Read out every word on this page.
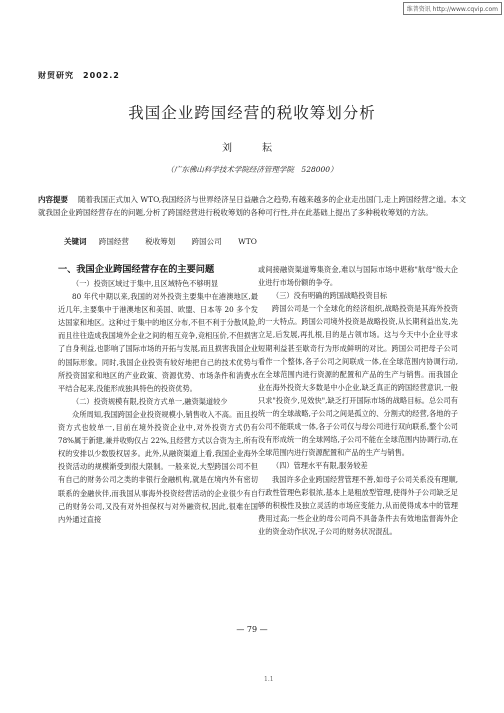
维普资讯 http://www.cqvip.com
财贸研究　2002.2
我国企业跨国经营的税收筹划分析
刘　耘
（广东佛山科学技术学院经济管理学院　528000）
内容提要 随着我国正式加入 WTO,我国经济与世界经济呈日益融合之趋势,有越来越多的企业走出国门,走上跨国经营之道。本文就我国企业跨国经营存在的问题,分析了跨国经营进行税收筹划的各种可行性,并在此基础上提出了多种税收筹划的方法。
关键词 跨国经营 税收筹划 跨国公司 WTO

一、我国企业跨国经营存在的主要问题

（一）投资区域过于集中,且区域特色不够明显

80 年代中期以来,我国的对外投资主要集中在港澳地区,最近几年,主要集中于港澳地区和美国、欧盟、日本等 20 多个发达国家和地区。这种过于集中的地区分布,不但不利于分散风险,而且往往造成我国境外企业之间的相互竞争,竞相压价,不但损害了自身利益,也影响了国际市场的开拓与发展,而且损害我国企业的国际形象。同时,我国企业投资有较好地把自己的技术优势与所投资国家和地区的产业政策、资源优势、市场条件和消费水平结合起来,没能形成独具特色的投资优势。

（二）投资规模有限,投资方式单一,融资渠道较少

众所周知,我国跨国企业投资规模小,销售收入不高。而且投资方式也较单一,目前在境外投资企业中,对外投资方式仍有 78%属于新建,兼并收购仅占 22%,且经营方式以合资为主,所有权的安排以少数股权居多。此外,从融资渠道上看,我国企业海外投资活动的规模渐受到很大限制。一般来说,大型跨国公司不但有自己的财务公司之类的非银行金融机构,就是在境内外有密切联系的金融伙伴,而我国从事海外投资经营活动的企业很少有自己的财务公司,又没有对外担保权与对外融资权,因此,很难在国内外通过直接

或间接融资渠道筹集资金,难以与国际市场中堪称"航母"级大企业进行市场份额的争夺。

（三）没有明确的跨国战略投资目标

跨国公司是一个全球化的经济组织,战略投资是其海外投资的一大特点。跨国公司境外投资是战略投资,从长期利益出发,先立足,后发展,再扎根,目的是占领市场。这与今天中小企业寻求短期利益甚至歇奇行为形成鲜明的对比。跨国公司把母子公司看作一个整体,各子公司之间联成一体,在全球范围内协调行动,在全球范围内进行资源的配置和产品的生产与销售。而我国企业在海外投资大多数是中小企业,缺乏真正的跨国经营意识,一般只求"投资少,见效快",缺乏打开国际市场的战略目标。总公司有统一的全球战略,子公司之间是孤立的、分割式的经营,各地的子公司不能联成一体,各子公司仅与母公司进行双向联系,整个公司没有形成统一的全球网络,子公司不能在全球范围内协调行动,在全球范围内进行资源配置和产品的生产与销售。

（四）管理水平有限,服务较差

我国许多企业跨国经营管理不善,如母子公司关系没有理顺,行政性管理色彩很浓,基本上是粗放型管理,使得外子公司缺乏足够的积极性及独立灵活的市场应变能力,从而使得成本中的管理费用过高;一些企业的母公司尚不具备条件去有效地监督海外企业的资金动作状况,子公司的财务状况混乱。

— 79 —
1.1
